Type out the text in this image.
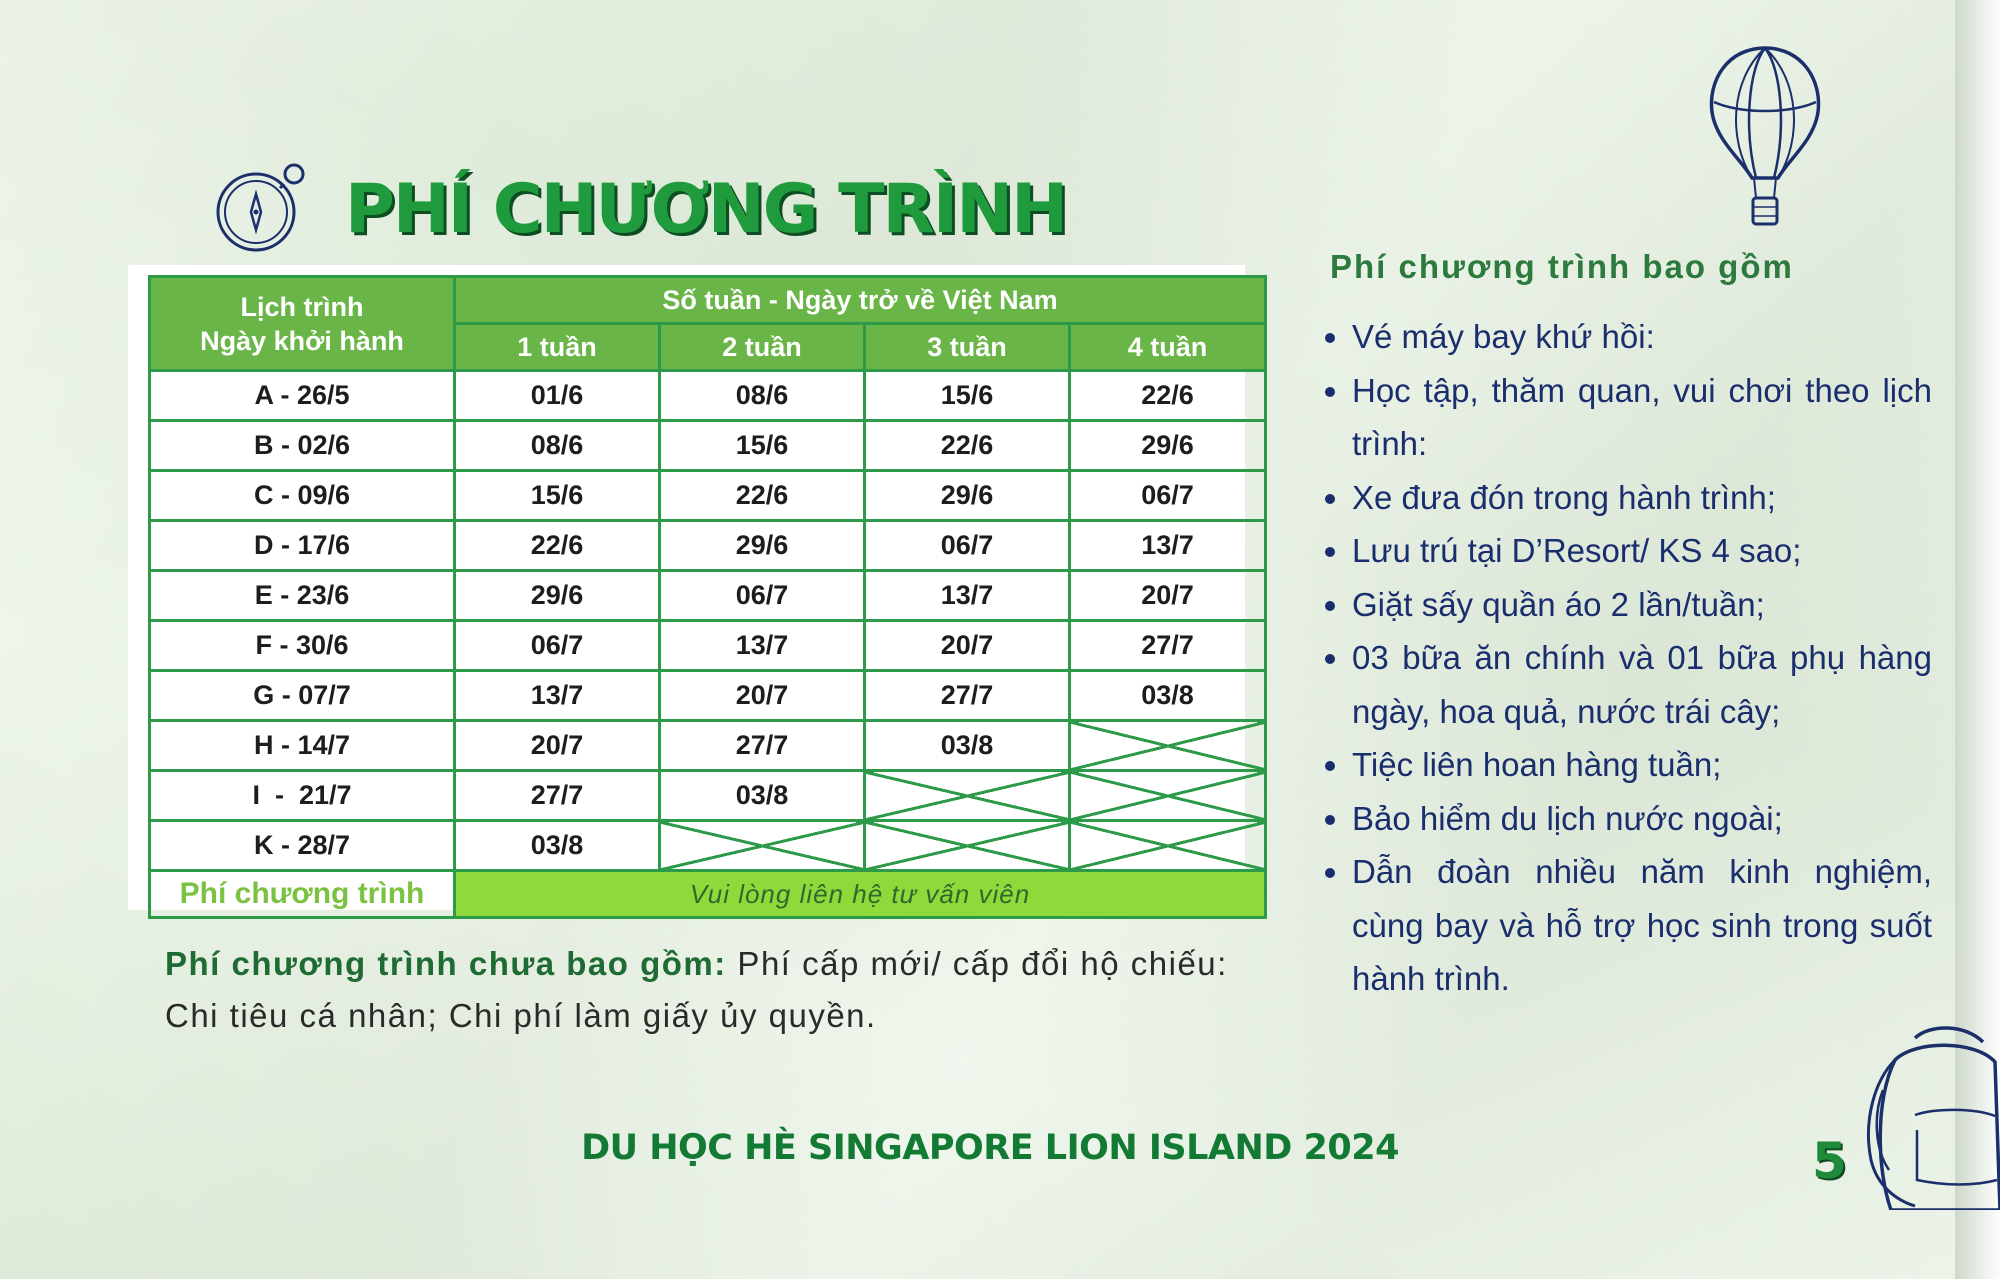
PHÍ CHƯƠNG TRÌNH
Lịch trình
Ngày khởi hành	Số tuần - Ngày trở về Việt Nam			
	1 tuần	2 tuần	3 tuần	4 tuần
A - 26/5	01/6	08/6	15/6	22/6
B - 02/6	08/6	15/6	22/6	29/6
C - 09/6	15/6	22/6	29/6	06/7
D - 17/6	22/6	29/6	06/7	13/7
E - 23/6	29/6	06/7	13/7	20/7
F - 30/6	06/7	13/7	20/7	27/7
G - 07/7	13/7	20/7	27/7	03/8
H - 14/7	20/7	27/7	03/8	
I  -  21/7	27/7	03/8		
K - 28/7	03/8			
Phí chương trình	Vui lòng liên hệ tư vấn viên			

Phí chương trình chưa bao gồm: Phí cấp mới/ cấp đổi hộ chiếu: Chi tiêu cá nhân; Chi phí làm giấy ủy quyền.

Phí chương trình bao gồm
• Vé máy bay khứ hồi:
• Học tập, thăm quan, vui chơi theo lịch trình:
• Xe đưa đón trong hành trình;
• Lưu trú tại D’Resort/ KS 4 sao;
• Giặt sấy quần áo 2 lần/tuần;
• 03 bữa ăn chính và 01 bữa phụ hàng ngày, hoa quả, nước trái cây;
• Tiệc liên hoan hàng tuần;
• Bảo hiểm du lịch nước ngoài;
• Dẫn đoàn nhiều năm kinh nghiệm, cùng bay và hỗ trợ học sinh trong suốt hành trình.
DU HỌC HÈ SINGAPORE LION ISLAND 2024	5
